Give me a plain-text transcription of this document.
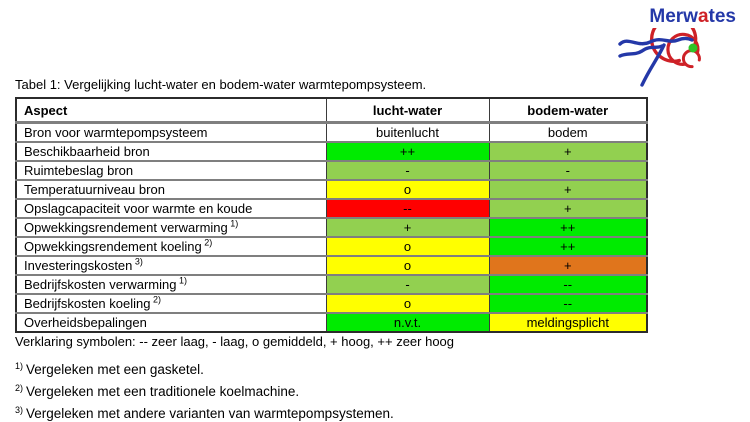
Merwates
Tabel 1: Vergelijking lucht-water en bodem-water warmtepompsysteem.
Aspect	lucht-water	bodem-water
Bron voor warmtepompsysteem	buitenlucht	bodem
Beschikbaarheid bron	++	+
Ruimtebeslag bron	-	-
Temperatuurniveau bron	o	+
Opslagcapaciteit voor warmte en koude	--	+
Opwekkingsrendement verwarming $^{1)}$	+	++
Opwekkingsrendement koeling $^{2)}$	o	++
Investeringskosten $^{3)}$	o	+
Bedrijfskosten verwarming $^{1)}$	-	--
Bedrijfskosten koeling $^{2)}$	o	--
Overheidsbepalingen	n.v.t.	meldingsplicht
Verklaring symbolen: -- zeer laag, - laag, o gemiddeld, + hoog, ++ zeer hoog
$^{1)}$ Vergeleken met een gasketel.
$^{2)}$ Vergeleken met een traditionele koelmachine.
$^{3)}$ Vergeleken met andere varianten van warmtepompsystemen.
